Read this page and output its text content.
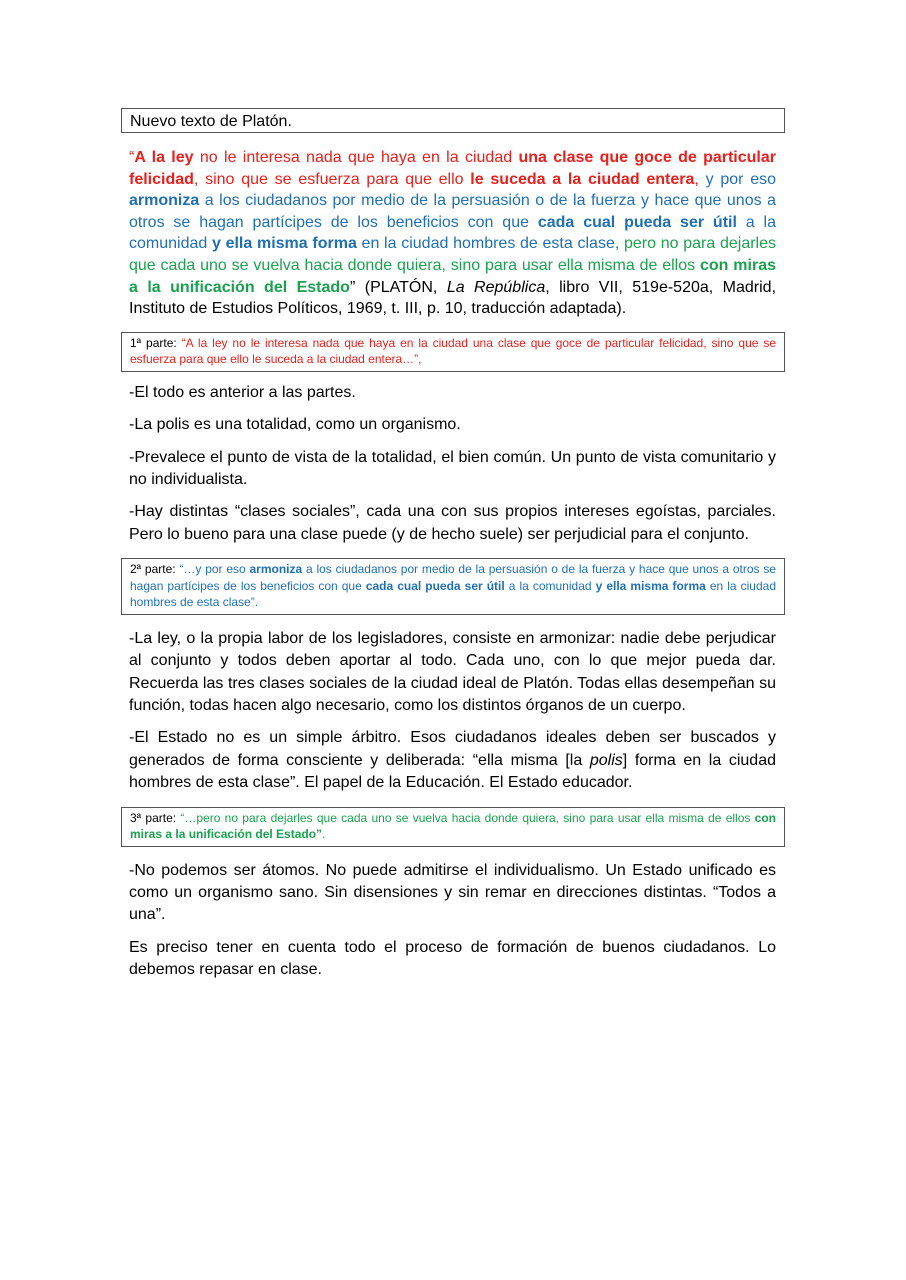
Nuevo texto de Platón.

“A la ley no le interesa nada que haya en la ciudad una clase que goce de particular felicidad, sino que se esfuerza para que ello le suceda a la ciudad entera, y por eso armoniza a los ciudadanos por medio de la persuasión o de la fuerza y hace que unos a otros se hagan partícipes de los beneficios con que cada cual pueda ser útil a la comunidad y ella misma forma en la ciudad hombres de esta clase, pero no para dejarles que cada uno se vuelva hacia donde quiera, sino para usar ella misma de ellos con miras a la unificación del Estado” (PLATÓN, La República, libro VII, 519e-520a, Madrid, Instituto de Estudios Políticos, 1969, t. III, p. 10, traducción adaptada).

1ª parte: “A la ley no le interesa nada que haya en la ciudad una clase que goce de particular felicidad, sino que se esfuerza para que ello le suceda a la ciudad entera…”,

-El todo es anterior a las partes.

-La polis es una totalidad, como un organismo.

-Prevalece el punto de vista de la totalidad, el bien común. Un punto de vista comunitario y no individualista.

-Hay distintas “clases sociales”, cada una con sus propios intereses egoístas, parciales. Pero lo bueno para una clase puede (y de hecho suele) ser perjudicial para el conjunto.

2ª parte: “…y por eso armoniza a los ciudadanos por medio de la persuasión o de la fuerza y hace que unos a otros se hagan partícipes de los beneficios con que cada cual pueda ser útil a la comunidad y ella misma forma en la ciudad hombres de esta clase”.

-La ley, o la propia labor de los legisladores, consiste en armonizar: nadie debe perjudicar al conjunto y todos deben aportar al todo. Cada uno, con lo que mejor pueda dar. Recuerda las tres clases sociales de la ciudad ideal de Platón. Todas ellas desempeñan su función, todas hacen algo necesario, como los distintos órganos de un cuerpo.

-El Estado no es un simple árbitro. Esos ciudadanos ideales deben ser buscados y generados de forma consciente y deliberada: “ella misma [la polis] forma en la ciudad hombres de esta clase”. El papel de la Educación. El Estado educador.

3ª parte: “…pero no para dejarles que cada uno se vuelva hacia donde quiera, sino para usar ella misma de ellos con miras a la unificación del Estado”.

-No podemos ser átomos. No puede admitirse el individualismo. Un Estado unificado es como un organismo sano. Sin disensiones y sin remar en direcciones distintas. “Todos a una”.

Es preciso tener en cuenta todo el proceso de formación de buenos ciudadanos. Lo debemos repasar en clase.
